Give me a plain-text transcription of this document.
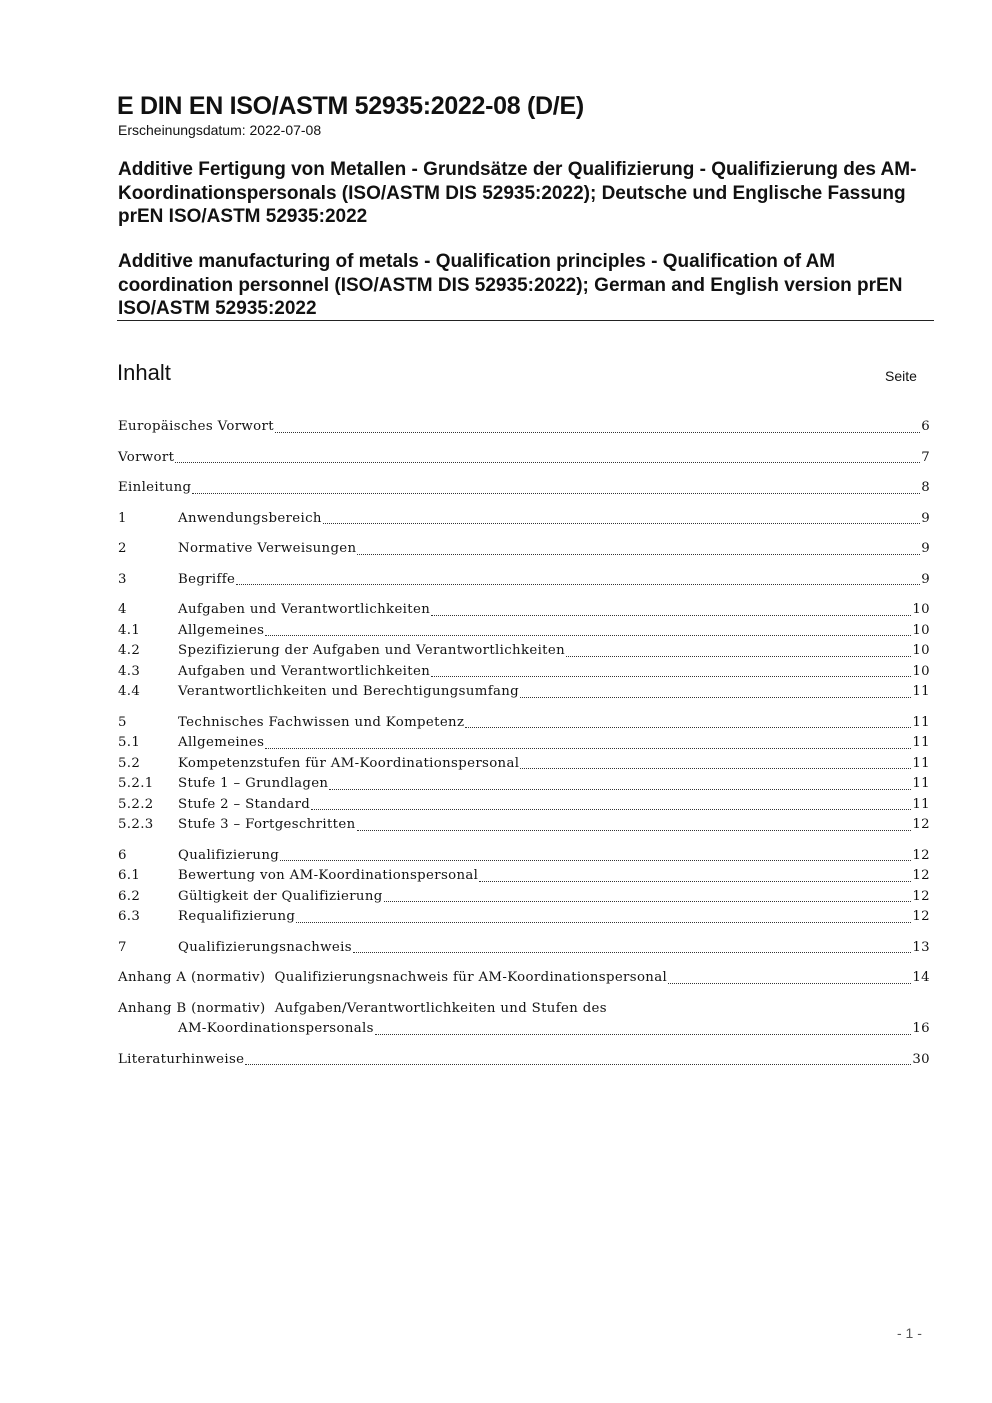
E DIN EN ISO/ASTM 52935:2022-08 (D/E)
Erscheinungsdatum: 2022-07-08

Additive Fertigung von Metallen - Grundsätze der Qualifizierung - Qualifizierung des AM-Koordinationspersonals (ISO/ASTM DIS 52935:2022); Deutsche und Englische Fassung prEN ISO/ASTM 52935:2022

Additive manufacturing of metals - Qualification principles - Qualification of AM coordination personnel (ISO/ASTM DIS 52935:2022); German and English version prEN ISO/ASTM 52935:2022

Inhalt	Seite
Europäisches Vorwort	6
Vorwort	7
Einleitung	8
1	Anwendungsbereich	9
2	Normative Verweisungen	9
3	Begriffe	9
4	Aufgaben und Verantwortlichkeiten	10
4.1	Allgemeines	10
4.2	Spezifizierung der Aufgaben und Verantwortlichkeiten	10
4.3	Aufgaben und Verantwortlichkeiten	10
4.4	Verantwortlichkeiten und Berechtigungsumfang	11
5	Technisches Fachwissen und Kompetenz	11
5.1	Allgemeines	11
5.2	Kompetenzstufen für AM-Koordinationspersonal	11
5.2.1	Stufe 1 – Grundlagen	11
5.2.2	Stufe 2 – Standard	11
5.2.3	Stufe 3 – Fortgeschritten	12
6	Qualifizierung	12
6.1	Bewertung von AM-Koordinationspersonal	12
6.2	Gültigkeit der Qualifizierung	12
6.3	Requalifizierung	12
7	Qualifizierungsnachweis	13
Anhang A (normativ)  Qualifizierungsnachweis für AM-Koordinationspersonal	14
Anhang B (normativ)  Aufgaben/Verantwortlichkeiten und Stufen des
AM-Koordinationspersonals	16
Literaturhinweise	30
- 1 -
